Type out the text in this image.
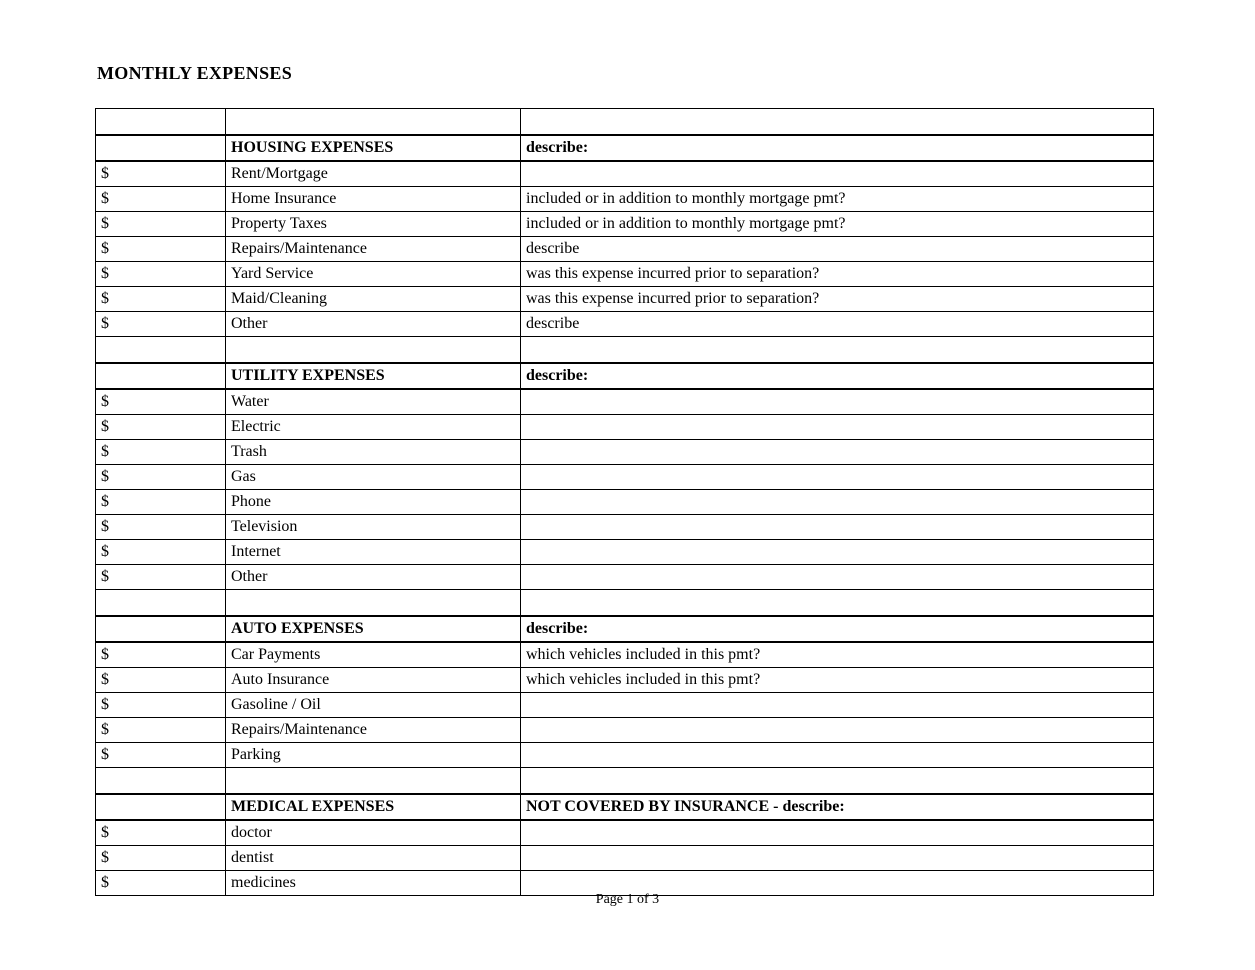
MONTHLY EXPENSES

	HOUSING EXPENSES	describe:
$	Rent/Mortgage	
$	Home Insurance	included or in addition to monthly mortgage pmt?
$	Property Taxes	included or in addition to monthly mortgage pmt?
$	Repairs/Maintenance	describe
$	Yard Service	was this expense incurred prior to separation?
$	Maid/Cleaning	was this expense incurred prior to separation?
$	Other	describe

	UTILITY EXPENSES	describe:
$	Water	
$	Electric	
$	Trash	
$	Gas	
$	Phone	
$	Television	
$	Internet	
$	Other	

	AUTO EXPENSES	describe:
$	Car Payments	which vehicles included in this pmt?
$	Auto Insurance	which vehicles included in this pmt?
$	Gasoline / Oil	
$	Repairs/Maintenance	
$	Parking	

	MEDICAL EXPENSES	NOT COVERED BY INSURANCE - describe:
$	doctor	
$	dentist	
$	medicines	
Page 1 of 3
